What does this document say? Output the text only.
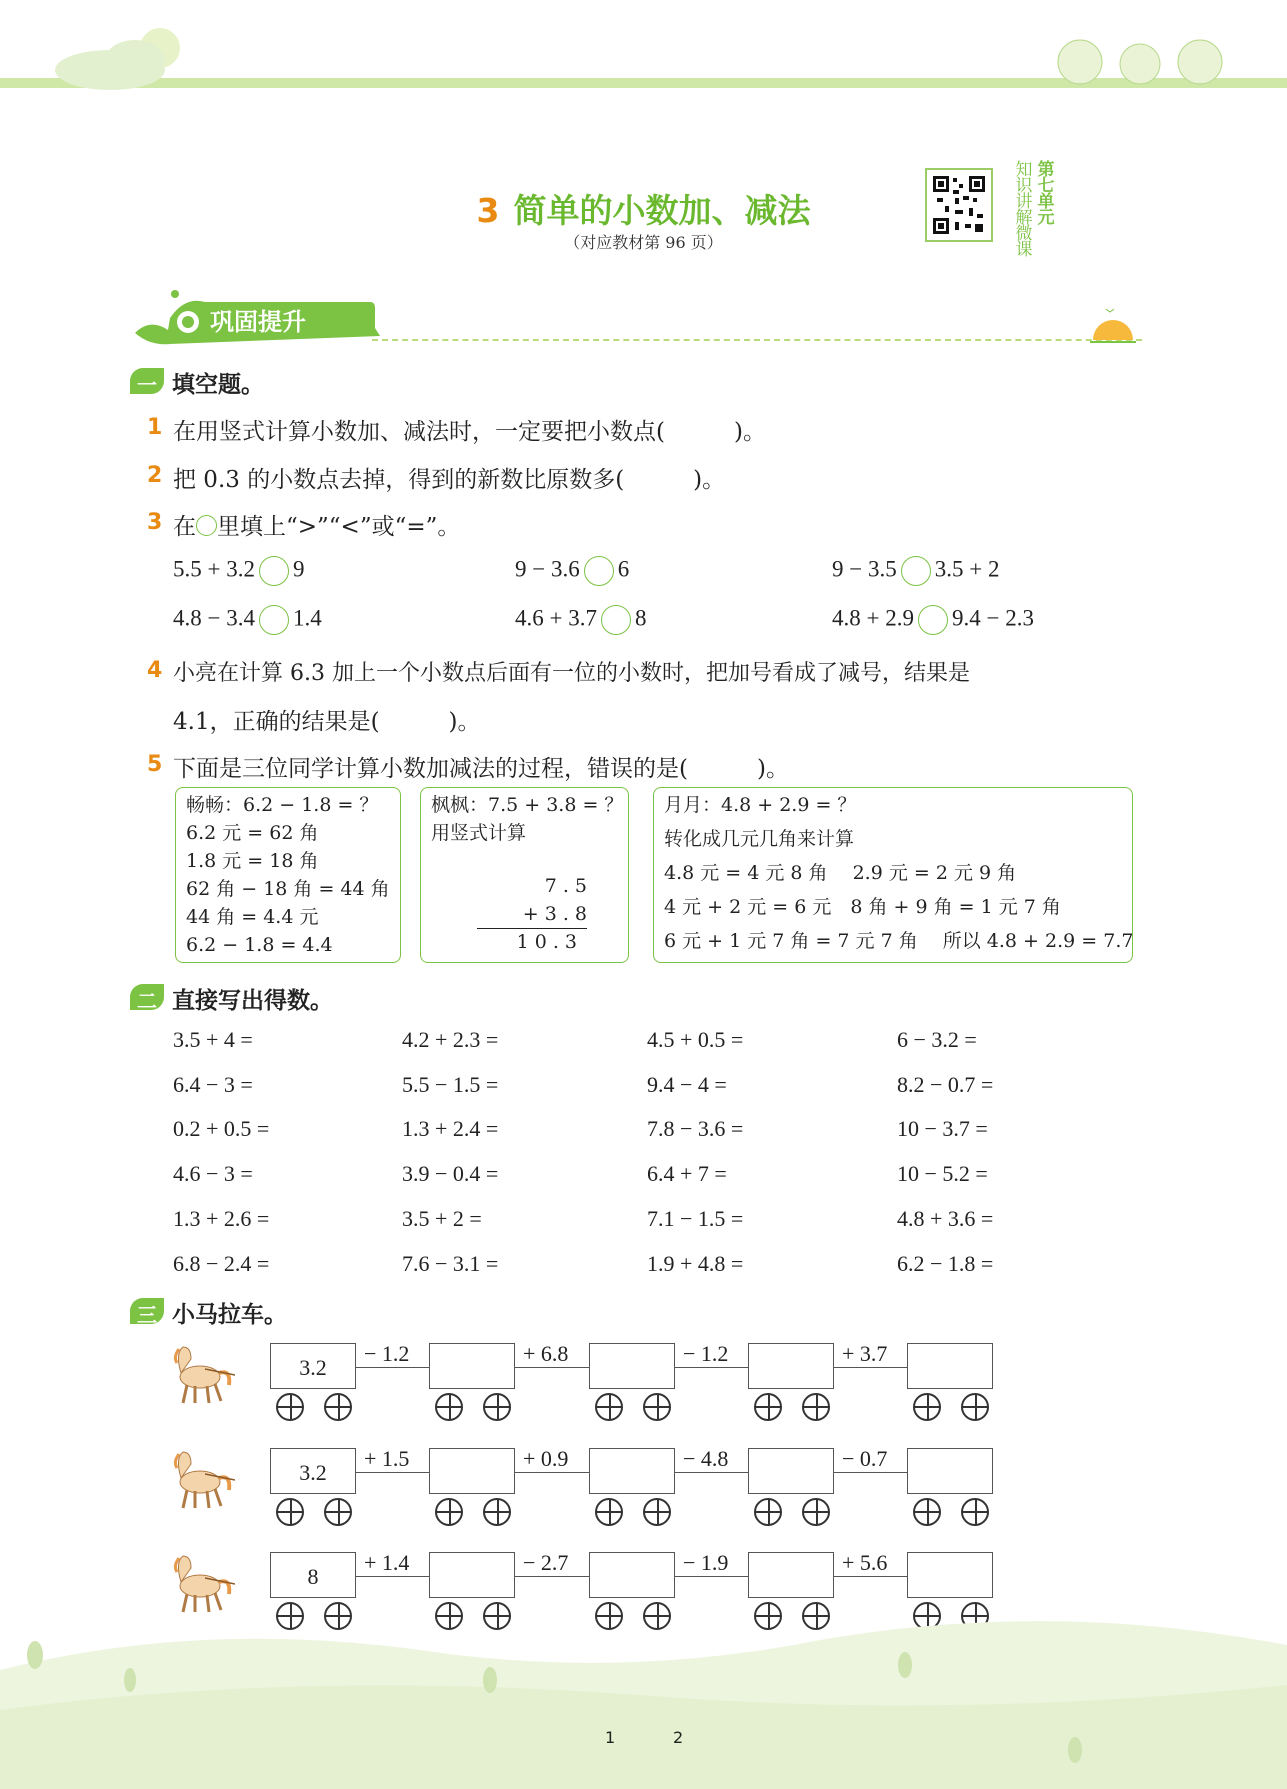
3 简单的小数加、减法
（对应教材第 96 页）
知识讲解微课
第七单元
巩固提升
一 填空题。
1 在用竖式计算小数加、减法时，一定要把小数点(　　　)。
2 把 0.3 的小数点去掉，得到的新数比原数多(　　　)。
3 在 里填上“>”“<”或“=”。
5.5 + 3.2 9	9 − 3.6 6	9 − 3.5 3.5 + 2
4.8 − 3.4 1.4	4.6 + 3.7 8	4.8 + 2.9 9.4 − 2.3
4 小亮在计算 6.3 加上一个小数点后面有一位的小数时，把加号看成了减号，结果是
4.1，正确的结果是(　　　)。
5 下面是三位同学计算小数加减法的过程，错误的是(　　　)。
畅畅：6.2 − 1.8 = ？
6.2 元 = 62 角
1.8 元 = 18 角
62 角 − 18 角 = 44 角
44 角 = 4.4 元
6.2 − 1.8 = 4.4
枫枫：7.5 + 3.8 = ？
用竖式计算
7 . 5
+ 3 . 8
1 0 . 3
月月：4.8 + 2.9 = ？
转化成几元几角来计算
4.8 元 = 4 元 8 角　 2.9 元 = 2 元 9 角
4 元 + 2 元 = 6 元　8 角 + 9 角 = 1 元 7 角
6 元 + 1 元 7 角 = 7 元 7 角　 所以 4.8 + 2.9 = 7.7
二 直接写出得数。
3.5 + 4 =	4.2 + 2.3 =	4.5 + 0.5 =	6 − 3.2 =
6.4 − 3 =	5.5 − 1.5 =	9.4 − 4 =	8.2 − 0.7 =
0.2 + 0.5 =	1.3 + 2.4 =	7.8 − 3.6 =	10 − 3.7 =
4.6 − 3 =	3.9 − 0.4 =	6.4 + 7 =	10 − 5.2 =
1.3 + 2.6 =	3.5 + 2 =	7.1 − 1.5 =	4.8 + 3.6 =
6.8 − 2.4 =	7.6 − 3.1 =	1.9 + 4.8 =	6.2 − 1.8 =
三 小马拉车。
3.2
− 1.2	+ 6.8	− 1.2	+ 3.7
3.2
+ 1.5	+ 0.9	− 4.8	− 0.7
8
+ 1.4	− 2.7	− 1.9	+ 5.6
1	2
